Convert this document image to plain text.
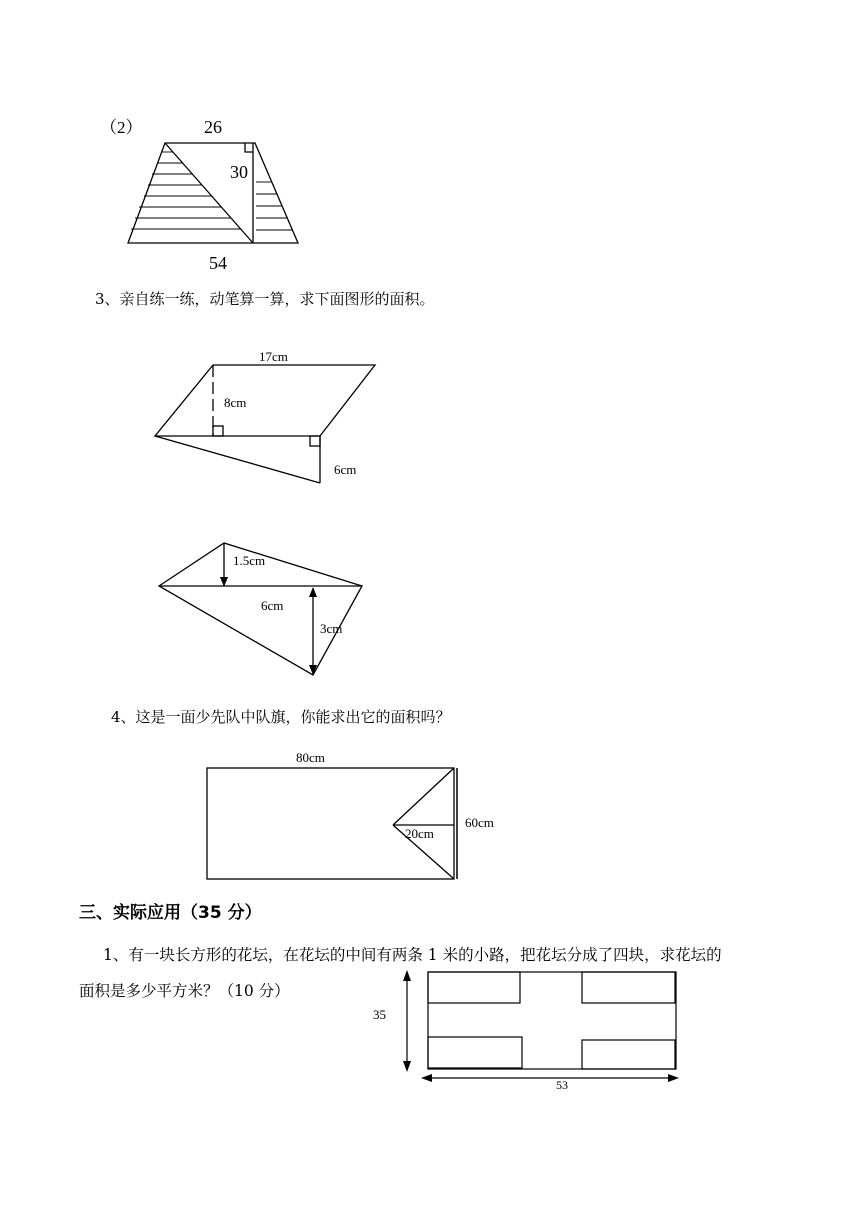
3、亲自练一练，动笔算一算，求下面图形的面积。
4、这是一面少先队中队旗，你能求出它的面积吗？
三、实际应用（35 分）
1、有一块长方形的花坛，在花坛的中间有两条 1 米的小路，把花坛分成了四块，求花坛的
面积是多少平方米？（10 分）
（2）	26
30
54
17cm
8cm
6cm
1.5cm
6cm
3cm
80cm
60cm
20cm
35
53
